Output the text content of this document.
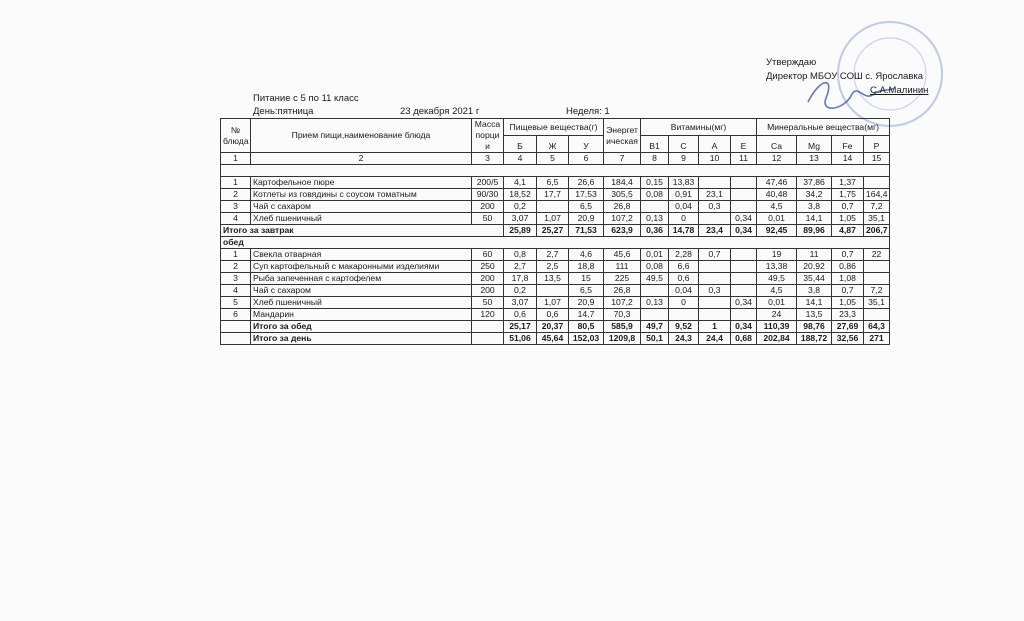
Утверждаю
Директор МБОУ СОШ с. Ярославка
С.А.Малинин
Питание с 5 по 11 класс
День:пятница	23 декабря 2021 г	Неделя: 1
№ блюда	Прием пищи,наименование блюда	Масса порции	Пищевые вещества(г)			Энергетическая	Витамины(мг)				Минеральные вещества(мг)			
			Б	Ж	У		В1	С	А	Е	Ca	Mg	Fe	P
1	2	3	4	5	6	7	8	9	10	11	12	13	14	15

1	Картофельное пюре	200/5	4,1	6,5	26,6	184,4	0,15	13,83			47,46	37,86	1,37	
2	Котлеты из говядины с соусом томатным	90/30	18,52	17,7	17,53	305,5	0,08	0,91	23,1		40,48	34,2	1,75	164,4
3	Чай с сахаром	200	0,2		6,5	26,8		0,04	0,3		4,5	3,8	0,7	7,2
4	Хлеб пшеничный	50	3,07	1,07	20,9	107,2	0,13	0		0,34	0,01	14,1	1,05	35,1
Итого за завтрак			25,89	25,27	71,53	623,9	0,36	14,78	23,4	0,34	92,45	89,96	4,87	206,7
обед														
1	Свекла отварная	60	0,8	2,7	4,6	45,6	0,01	2,28	0,7		19	11	0,7	22
2	Суп картофельный с макаронными изделиями	250	2,7	2,5	18,8	111	0,08	6,6			13,38	20,92	0,86	
3	Рыба запеченная с картофелем	200	17,8	13,5	15	225	49,5	0,6			49,5	35,44	1,08	
4	Чай с сахаром	200	0,2		6,5	26,8		0,04	0,3		4,5	3,8	0,7	7,2
5	Хлеб пшеничный	50	3,07	1,07	20,9	107,2	0,13	0		0,34	0,01	14,1	1,05	35,1
6	Мандарин	120	0,6	0,6	14,7	70,3					24	13,5	23,3	
	Итого за обед		25,17	20,37	80,5	585,9	49,7	9,52	1	0,34	110,39	98,76	27,69	64,3
	Итого за день		51,06	45,64	152,03	1209,8	50,1	24,3	24,4	0,68	202,84	188,72	32,56	271
